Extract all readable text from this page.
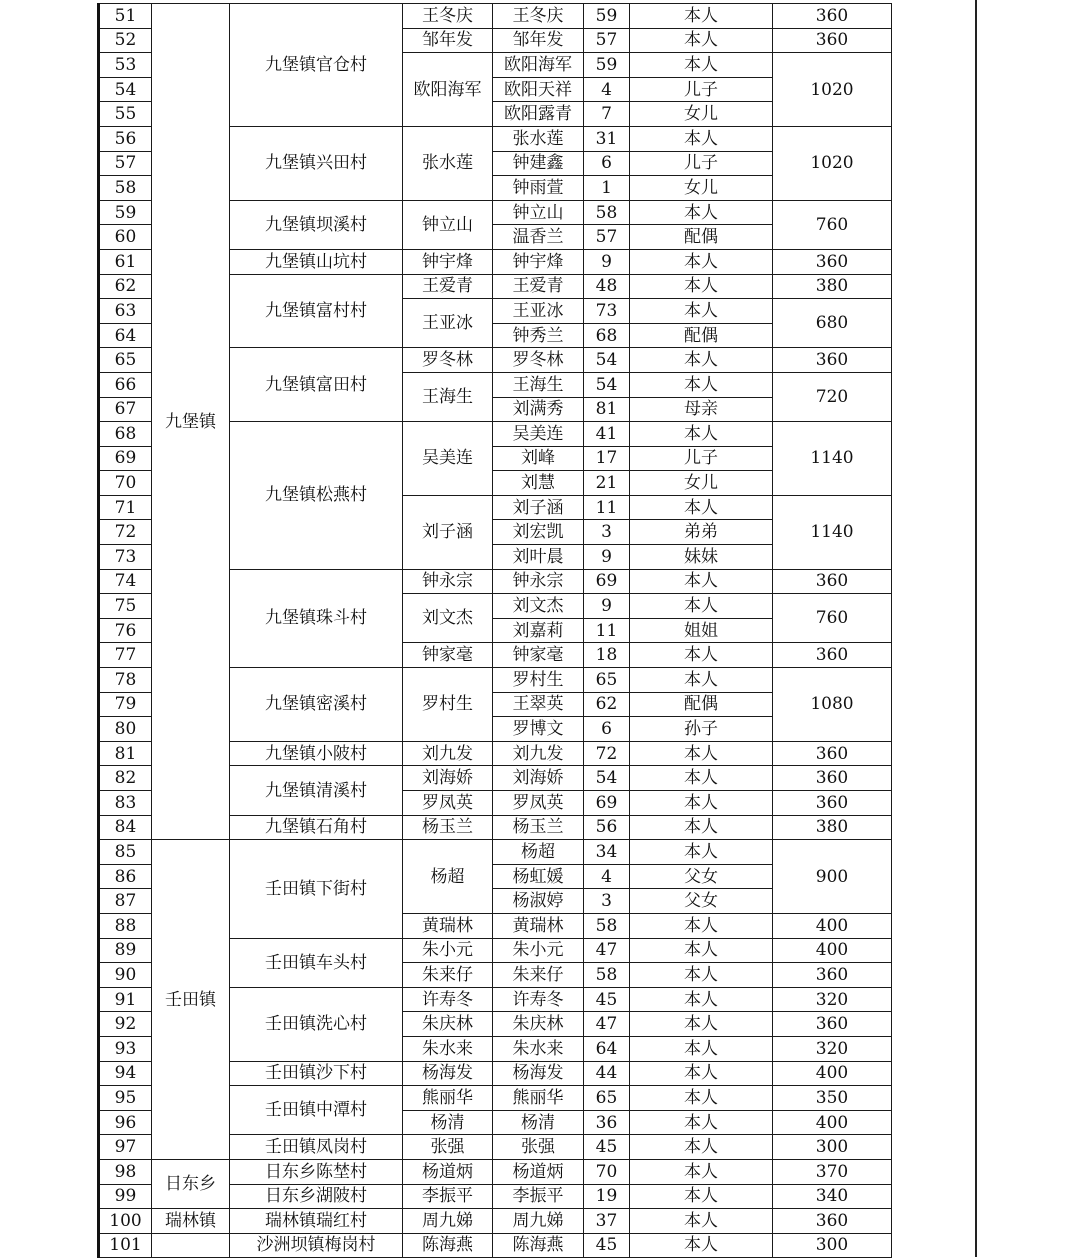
51	九堡镇	九堡镇官仓村	王冬庆	王冬庆	59	本人	360
52			邹年发	邹年发	57	本人	360
53			欧阳海军	欧阳海军	59	本人	1020
54				欧阳天祥	4	儿子	
55				欧阳露青	7	女儿	
56		九堡镇兴田村	张水莲	张水莲	31	本人	1020
57				钟建鑫	6	儿子	
58				钟雨萱	1	女儿	
59		九堡镇坝溪村	钟立山	钟立山	58	本人	760
60				温香兰	57	配偶	
61		九堡镇山坑村	钟宇烽	钟宇烽	9	本人	360
62		九堡镇富村村	王爱青	王爱青	48	本人	380
63			王亚冰	王亚冰	73	本人	680
64				钟秀兰	68	配偶	
65		九堡镇富田村	罗冬林	罗冬林	54	本人	360
66			王海生	王海生	54	本人	720
67				刘满秀	81	母亲	
68		九堡镇松燕村	吴美连	吴美连	41	本人	1140
69				刘峰	17	儿子	
70				刘慧	21	女儿	
71			刘子涵	刘子涵	11	本人	1140
72				刘宏凯	3	弟弟	
73				刘叶晨	9	妹妹	
74		九堡镇珠斗村	钟永宗	钟永宗	69	本人	360
75			刘文杰	刘文杰	9	本人	760
76				刘嘉莉	11	姐姐	
77			钟家毫	钟家毫	18	本人	360
78		九堡镇密溪村	罗村生	罗村生	65	本人	1080
79				王翠英	62	配偶	
80				罗博文	6	孙子	
81		九堡镇小陂村	刘九发	刘九发	72	本人	360
82		九堡镇清溪村	刘海娇	刘海娇	54	本人	360
83			罗凤英	罗凤英	69	本人	360
84		九堡镇石角村	杨玉兰	杨玉兰	56	本人	380
85	壬田镇	壬田镇下街村	杨超	杨超	34	本人	900
86				杨虹媛	4	父女	
87				杨淑婷	3	父女	
88			黄瑞林	黄瑞林	58	本人	400
89		壬田镇车头村	朱小元	朱小元	47	本人	400
90			朱来仔	朱来仔	58	本人	360
91		壬田镇洗心村	许寿冬	许寿冬	45	本人	320
92			朱庆林	朱庆林	47	本人	360
93			朱水来	朱水来	64	本人	320
94		壬田镇沙下村	杨海发	杨海发	44	本人	400
95		壬田镇中潭村	熊丽华	熊丽华	65	本人	350
96			杨清	杨清	36	本人	400
97		壬田镇凤岗村	张强	张强	45	本人	300
98	日东乡	日东乡陈埜村	杨道炳	杨道炳	70	本人	370
99		日东乡湖陂村	李振平	李振平	19	本人	340
100	瑞林镇	瑞林镇瑞红村	周九娣	周九娣	37	本人	360
101		沙洲坝镇梅岗村	陈海燕	陈海燕	45	本人	300
